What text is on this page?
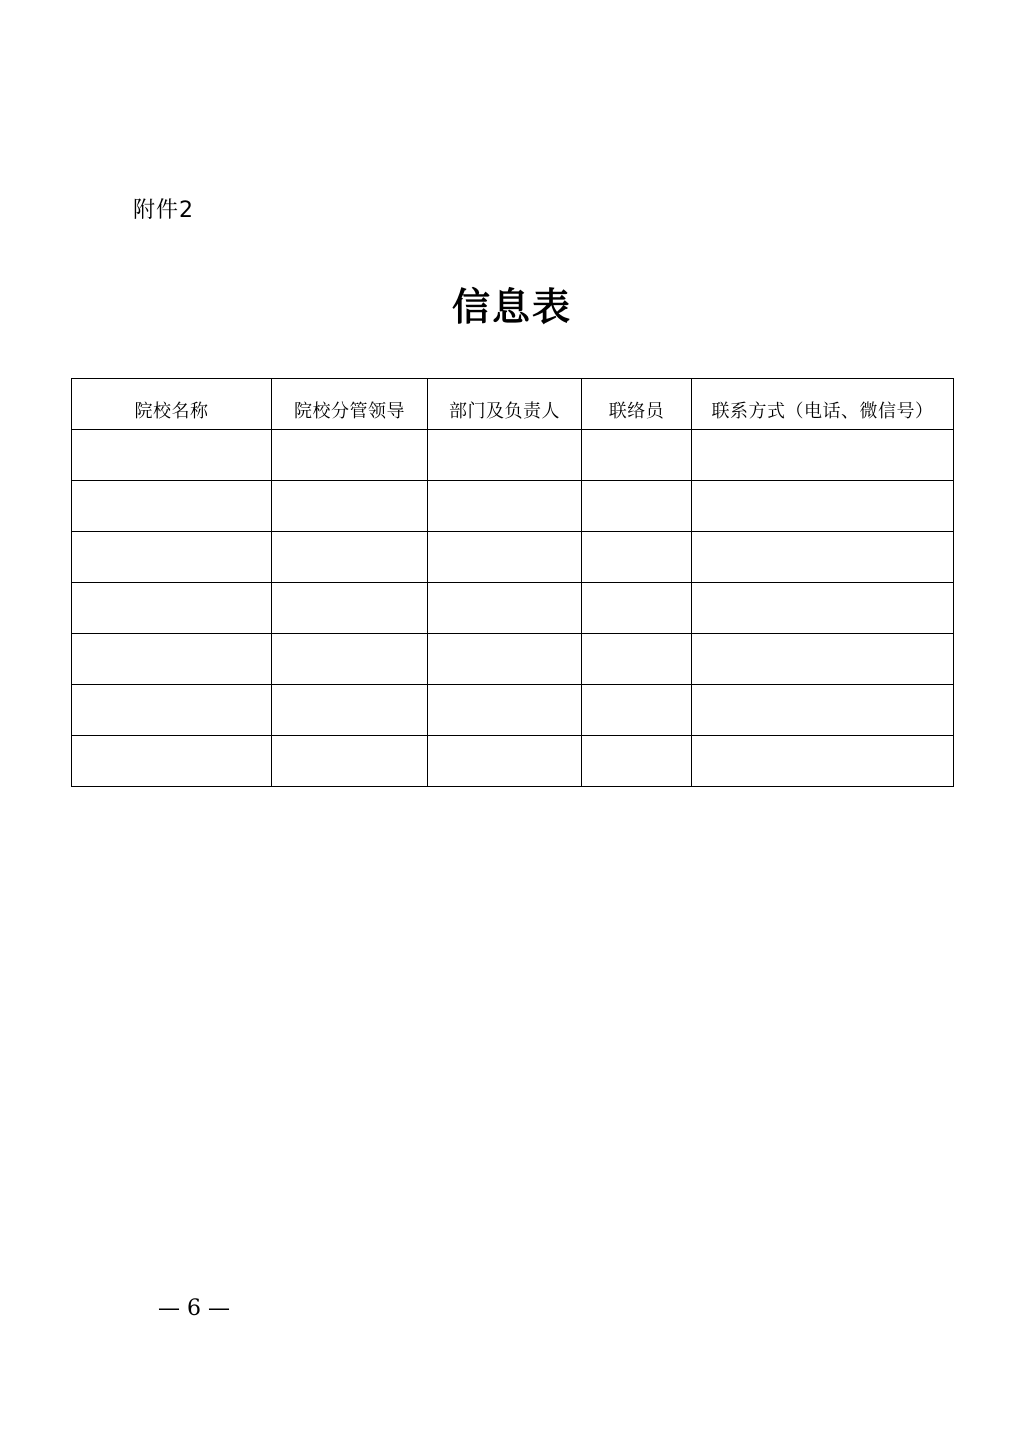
附件2
信息表
院校名称	院校分管领导	部门及负责人	联络员	联系方式（电话、微信号）

— 6 —
